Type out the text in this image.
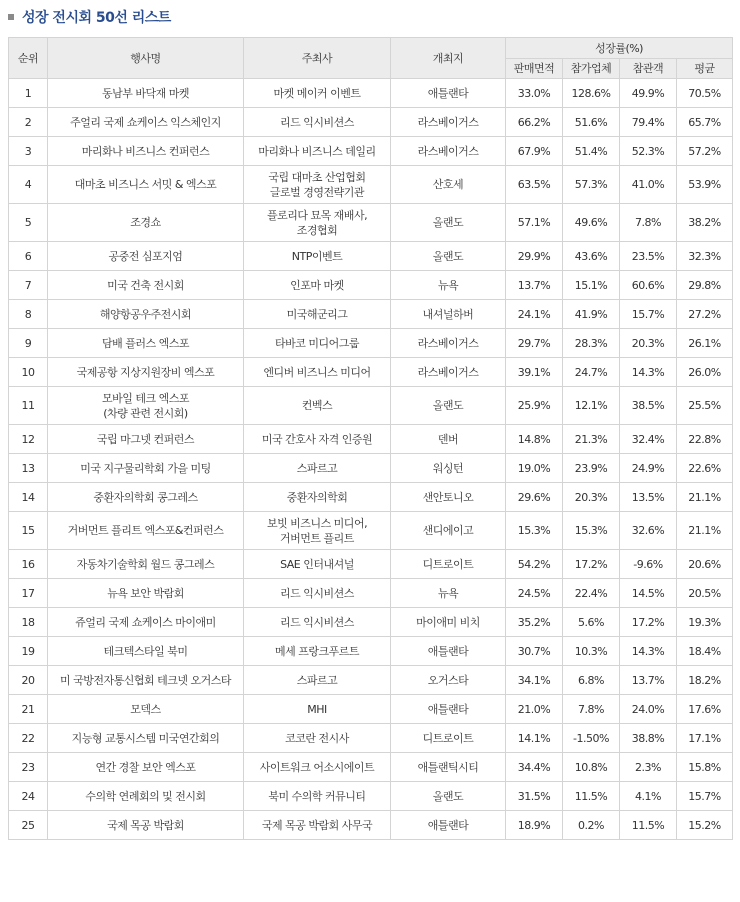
성장 전시회 50선 리스트
순위	행사명	주최사	개최지	성장률(%)			
				판매면적	참가업체	참관객	평균
1	동남부 바닥재 마켓	마켓 메이커 이벤트	애틀랜타	33.0%	128.6%	49.9%	70.5%
2	주얼리 국제 쇼케이스 익스체인지	리드 익시비션스	라스베이거스	66.2%	51.6%	79.4%	65.7%
3	마리화나 비즈니스 컨퍼런스	마리화나 비즈니스 데일리	라스베이거스	67.9%	51.4%	52.3%	57.2%
4	대마초 비즈니스 서밋 & 엑스포	국립 대마초 산업협회
글로벌 경영전략기관	산호세	63.5%	57.3%	41.0%	53.9%
5	조경쇼	플로리다 묘목 재배사,
조경협회	올랜도	57.1%	49.6%	7.8%	38.2%
6	공중전 심포지엄	NTP이벤트	올랜도	29.9%	43.6%	23.5%	32.3%
7	미국 건축 전시회	인포마 마켓	뉴욕	13.7%	15.1%	60.6%	29.8%
8	해양항공우주전시회	미국해군리그	내셔널하버	24.1%	41.9%	15.7%	27.2%
9	담배 플러스 엑스포	타바코 미디어그룹	라스베이거스	29.7%	28.3%	20.3%	26.1%
10	국제공항 지상지원장비 엑스포	엔디버 비즈니스 미디어	라스베이거스	39.1%	24.7%	14.3%	26.0%
11	모바일 테크 엑스포
(차량 관련 전시회)	컨벡스	올랜도	25.9%	12.1%	38.5%	25.5%
12	국립 마그넷 컨퍼런스	미국 간호사 자격 인증원	덴버	14.8%	21.3%	32.4%	22.8%
13	미국 지구물리학회 가을 미팅	스파르고	워싱턴	19.0%	23.9%	24.9%	22.6%
14	중환자의학회 콩그레스	중환자의학회	샌안토니오	29.6%	20.3%	13.5%	21.1%
15	거버먼트 플리트 엑스포&컨퍼런스	보빗 비즈니스 미디어,
거버먼트 플리트	샌디에이고	15.3%	15.3%	32.6%	21.1%
16	자동차기술학회 월드 콩그레스	SAE 인터내셔널	디트로이트	54.2%	17.2%	-9.6%	20.6%
17	뉴욕 보안 박람회	리드 익시비션스	뉴욕	24.5%	22.4%	14.5%	20.5%
18	쥬얼리 국제 쇼케이스 마이애미	리드 익시비션스	마이애미 비치	35.2%	5.6%	17.2%	19.3%
19	테크텍스타일 북미	메세 프랑크푸르트	애틀랜타	30.7%	10.3%	14.3%	18.4%
20	미 국방전자통신협회 테크넷 오거스타	스파르고	오거스타	34.1%	6.8%	13.7%	18.2%
21	모덱스	MHI	애틀랜타	21.0%	7.8%	24.0%	17.6%
22	지능형 교통시스템 미국연간회의	코코란 전시사	디트로이트	14.1%	-1.50%	38.8%	17.1%
23	연간 경찰 보안 엑스포	사이트워크 어소시에이트	애틀랜틱시티	34.4%	10.8%	2.3%	15.8%
24	수의학 연례회의 및 전시회	북미 수의학 커뮤니티	올랜도	31.5%	11.5%	4.1%	15.7%
25	국제 목공 박람회	국제 목공 박람회 사무국	애틀랜타	18.9%	0.2%	11.5%	15.2%
